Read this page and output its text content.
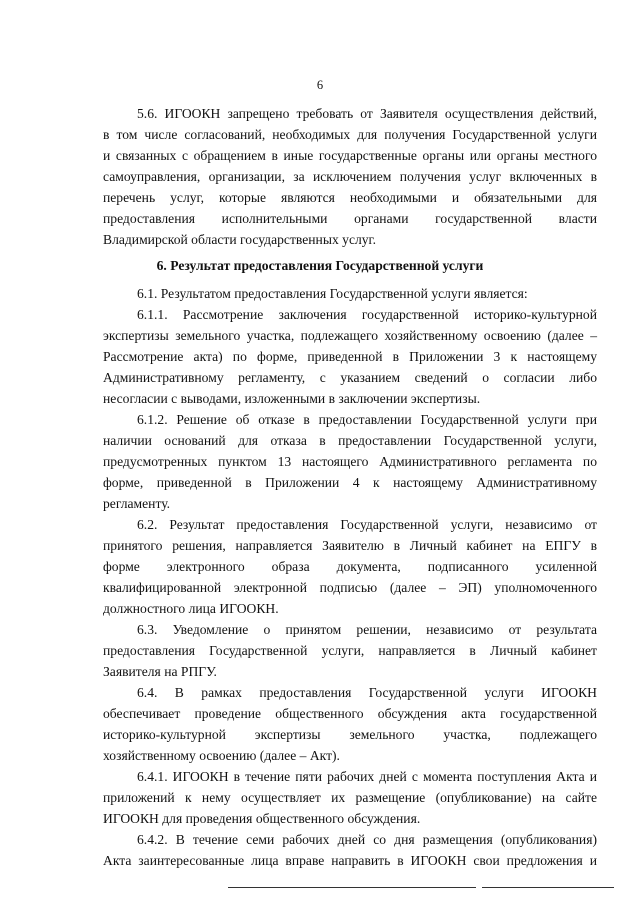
6
5.6. ИГООКН запрещено требовать от Заявителя осуществления действий,
в том числе согласований, необходимых для получения Государственной услуги
и связанных с обращением в иные государственные органы или органы местного
самоуправления, организации, за исключением получения услуг включенных в
перечень услуг, которые являются необходимыми и обязательными для
предоставления исполнительными органами государственной власти
Владимирской области государственных услуг.
6. Результат предоставления Государственной услуги
6.1. Результатом предоставления Государственной услуги является:
6.1.1. Рассмотрение заключения государственной историко-культурной
экспертизы земельного участка, подлежащего хозяйственному освоению (далее –
Рассмотрение акта) по форме, приведенной в Приложении 3 к настоящему
Административному регламенту, с указанием сведений о согласии либо
несогласии с выводами, изложенными в заключении экспертизы.
6.1.2. Решение об отказе в предоставлении Государственной услуги при
наличии оснований для отказа в предоставлении Государственной услуги,
предусмотренных пунктом 13 настоящего Административного регламента по
форме, приведенной в Приложении 4 к настоящему Административному
регламенту.
6.2. Результат предоставления Государственной услуги, независимо от
принятого решения, направляется Заявителю в Личный кабинет на ЕПГУ в
форме электронного образа документа, подписанного усиленной
квалифицированной электронной подписью (далее – ЭП) уполномоченного
должностного лица ИГООКН.
6.3. Уведомление о принятом решении, независимо от результата
предоставления Государственной услуги, направляется в Личный кабинет
Заявителя на РПГУ.
6.4. В рамках предоставления Государственной услуги ИГООКН
обеспечивает проведение общественного обсуждения акта государственной
историко-культурной экспертизы земельного участка, подлежащего
хозяйственному освоению (далее – Акт).
6.4.1. ИГООКН в течение пяти рабочих дней с момента поступления Акта и
приложений к нему осуществляет их размещение (опубликование) на сайте
ИГООКН для проведения общественного обсуждения.
6.4.2. В течение семи рабочих дней со дня размещения (опубликования)
Акта заинтересованные лица вправе направить в ИГООКН свои предложения и
